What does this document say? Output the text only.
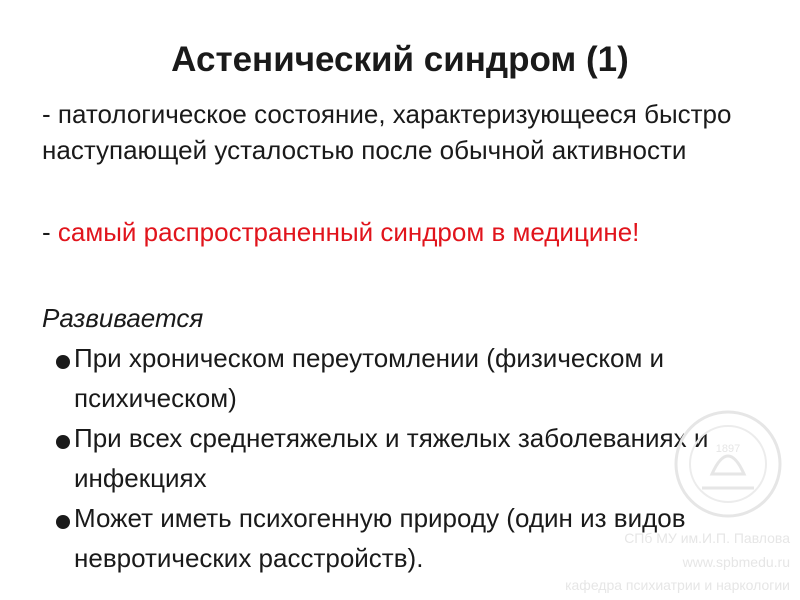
Астенический синдром (1)
- патологическое состояние, характеризующееся быстро наступающей усталостью после обычной активности
- самый распространенный синдром в медицине!
Развивается
При хроническом переутомлении (физическом и психическом)
При всех среднетяжелых и тяжелых заболеваниях и инфекциях
Может иметь психогенную природу (один из видов невротических расстройств).
1897
СПб МУ им.И.П. Павлова
www.spbmedu.ru
кафедра психиатрии и наркологии
